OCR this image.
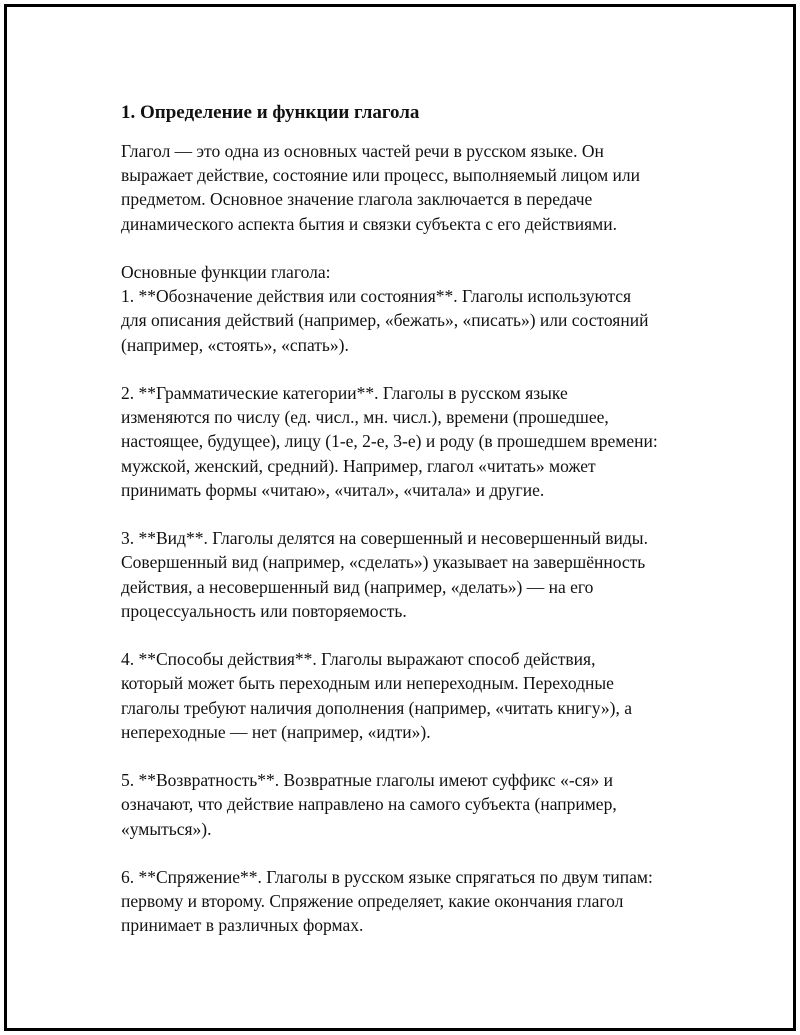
1. Определение и функции глагола

Глагол — это одна из основных частей речи в русском языке. Он
выражает действие, состояние или процесс, выполняемый лицом или
предметом. Основное значение глагола заключается в передаче
динамического аспекта бытия и связки субъекта с его действиями.

Основные функции глагола:
1. **Обозначение действия или состояния**. Глаголы используются
для описания действий (например, «бежать», «писать») или состояний
(например, «стоять», «спать»).

2. **Грамматические категории**. Глаголы в русском языке
изменяются по числу (ед. числ., мн. числ.), времени (прошедшее,
настоящее, будущее), лицу (1-е, 2-е, 3-е) и роду (в прошедшем времени:
мужской, женский, средний). Например, глагол «читать» может
принимать формы «читаю», «читал», «читала» и другие.

3. **Вид**. Глаголы делятся на совершенный и несовершенный виды.
Совершенный вид (например, «сделать») указывает на завершённость
действия, а несовершенный вид (например, «делать») — на его
процессуальность или повторяемость.

4. **Способы действия**. Глаголы выражают способ действия,
который может быть переходным или непереходным. Переходные
глаголы требуют наличия дополнения (например, «читать книгу»), а
непереходные — нет (например, «идти»).

5. **Возвратность**. Возвратные глаголы имеют суффикс «-ся» и
означают, что действие направлено на самого субъекта (например,
«умыться»).

6. **Спряжение**. Глаголы в русском языке спрягаться по двум типам:
первому и второму. Спряжение определяет, какие окончания глагол
принимает в различных формах.
